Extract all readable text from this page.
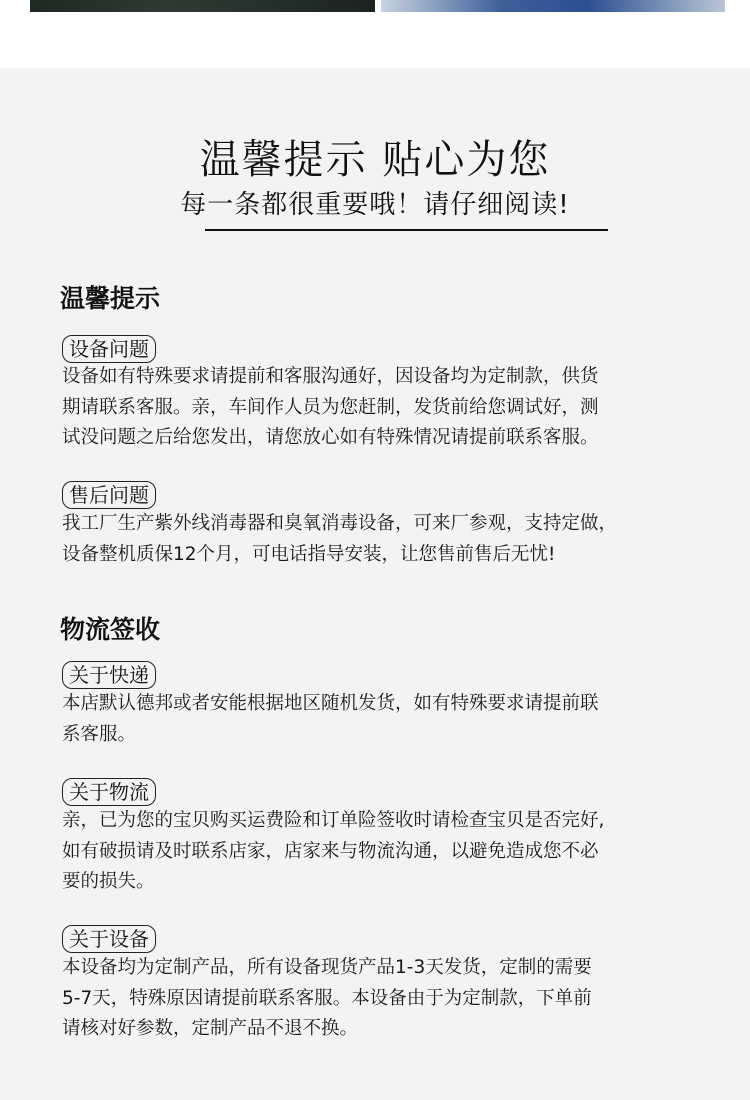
温馨提示 贴心为您
每一条都很重要哦！请仔细阅读!
温馨提示
设备问题
设备如有特殊要求请提前和客服沟通好，因设备均为定制款，供货
期请联系客服。亲，车间作人员为您赶制，发货前给您调试好，测
试没问题之后给您发出，请您放心如有特殊情况请提前联系客服。
售后问题
我工厂生产紫外线消毒器和臭氧消毒设备，可来厂参观，支持定做，
设备整机质保12个月，可电话指导安装，让您售前售后无忧!
物流签收
关于快递
本店默认德邦或者安能根据地区随机发货，如有特殊要求请提前联
系客服。
关于物流
亲，已为您的宝贝购买运费险和订单险签收时请检查宝贝是否完好,
如有破损请及时联系店家，店家来与物流沟通，以避免造成您不必
要的损失。
关于设备
本设备均为定制产品，所有设备现货产品1-3天发货，定制的需要
5-7天，特殊原因请提前联系客服。本设备由于为定制款，下单前
请核对好参数，定制产品不退不换。
